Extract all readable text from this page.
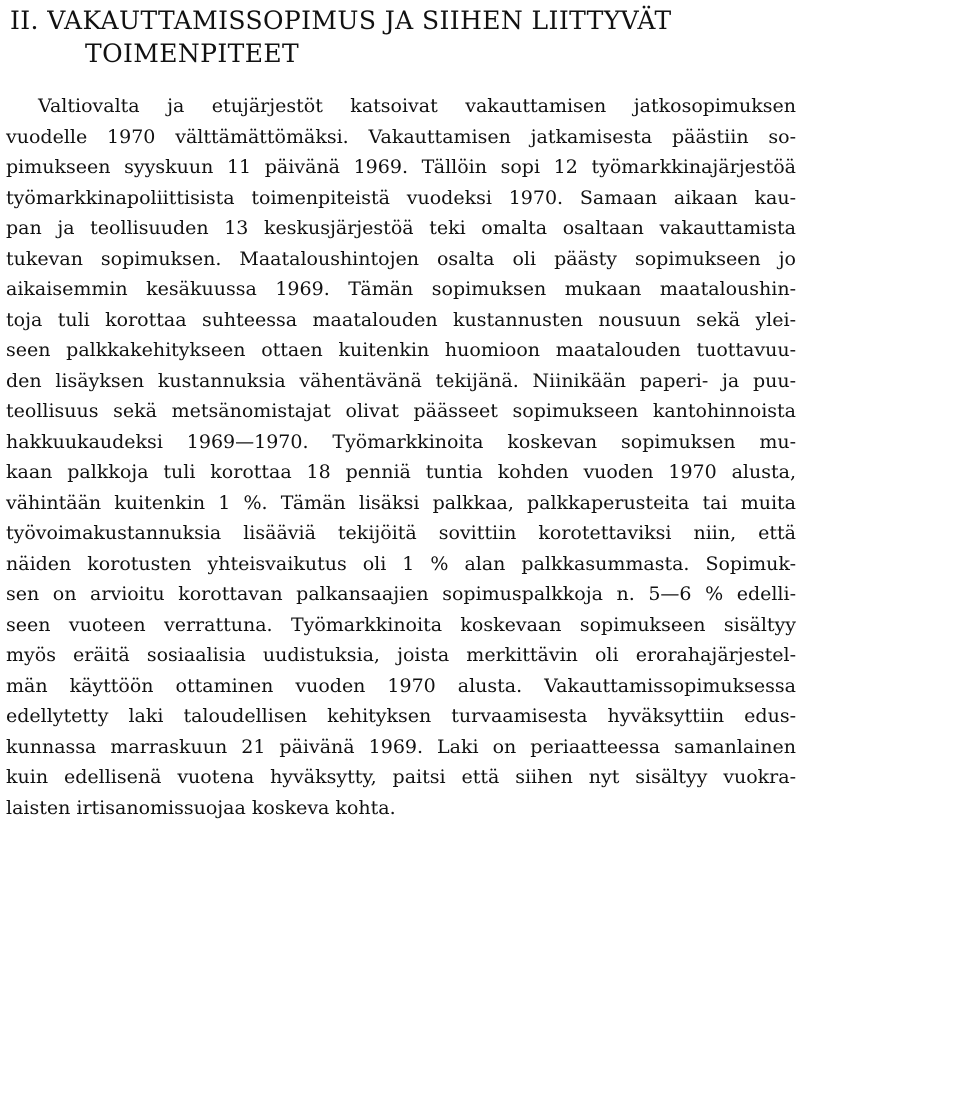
II. VAKAUTTAMISSOPIMUS JA SIIHEN LIITTYVÄT
TOIMENPITEET
Valtiovalta ja etujärjestöt katsoivat vakauttamisen jatkosopimuksen
vuodelle 1970 välttämättömäksi. Vakauttamisen jatkamisesta päästiin so-
pimukseen syyskuun 11 päivänä 1969. Tällöin sopi 12 työmarkkinajärjestöä
työmarkkinapoliittisista toimenpiteistä vuodeksi 1970. Samaan aikaan kau-
pan ja teollisuuden 13 keskusjärjestöä teki omalta osaltaan vakauttamista
tukevan sopimuksen. Maataloushintojen osalta oli päästy sopimukseen jo
aikaisemmin kesäkuussa 1969. Tämän sopimuksen mukaan maataloushin-
toja tuli korottaa suhteessa maatalouden kustannusten nousuun sekä ylei-
seen palkkakehitykseen ottaen kuitenkin huomioon maatalouden tuottavuu-
den lisäyksen kustannuksia vähentävänä tekijänä. Niinikään paperi- ja puu-
teollisuus sekä metsänomistajat olivat päässeet sopimukseen kantohinnoista
hakkuukaudeksi 1969—1970. Työmarkkinoita koskevan sopimuksen mu-
kaan palkkoja tuli korottaa 18 penniä tuntia kohden vuoden 1970 alusta,
vähintään kuitenkin 1 %. Tämän lisäksi palkkaa, palkkaperusteita tai muita
työvoimakustannuksia lisääviä tekijöitä sovittiin korotettaviksi niin, että
näiden korotusten yhteisvaikutus oli 1 % alan palkkasummasta. Sopimuk-
sen on arvioitu korottavan palkansaajien sopimuspalkkoja n. 5—6 % edelli-
seen vuoteen verrattuna. Työmarkkinoita koskevaan sopimukseen sisältyy
myös eräitä sosiaalisia uudistuksia, joista merkittävin oli erorahajärjestel-
män käyttöön ottaminen vuoden 1970 alusta. Vakauttamissopimuksessa
edellytetty laki taloudellisen kehityksen turvaamisesta hyväksyttiin edus-
kunnassa marraskuun 21 päivänä 1969. Laki on periaatteessa samanlainen
kuin edellisenä vuotena hyväksytty, paitsi että siihen nyt sisältyy vuokra-
laisten irtisanomissuojaa koskeva kohta.
